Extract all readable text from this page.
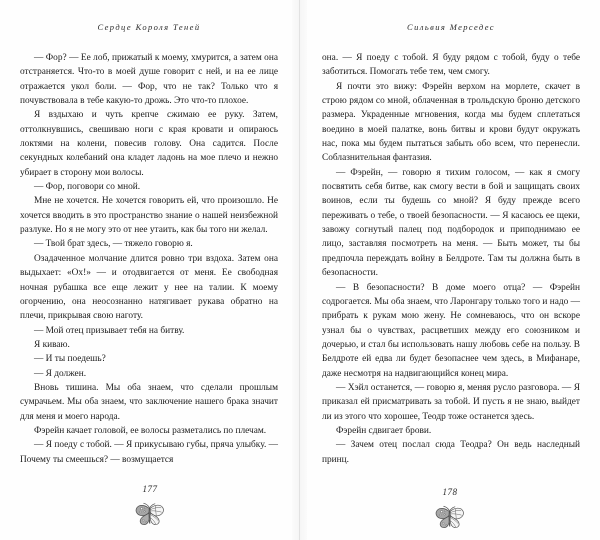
Сердце Короля Теней

— Фор? — Ее лоб, прижатый к моему, хмурится, а затем она отстраняется. Что-то в моей душе говорит с ней, и на ее лице отражается укол боли. — Фор, что не так? Только что я почувствовала в тебе какую-то дрожь. Это что-то плохое.

Я вздыхаю и чуть крепче сжимаю ее руку. Затем, оттолкнувшись, свешиваю ноги с края кровати и опираюсь локтями на колени, повесив голову. Она садится. После секундных колебаний она кладет ладонь на мое плечо и нежно убирает в сторону мои волосы.

— Фор, поговори со мной.

Мне не хочется. Не хочется говорить ей, что произошло. Не хочется вводить в это пространство знание о нашей неизбежной разлуке. Но я не могу это от нее утаить, как бы того ни желал.

— Твой брат здесь, — тяжело говорю я.

Озадаченное молчание длится ровно три вздоха. Затем она выдыхает: «Ох!» — и отодвигается от меня. Ее свободная ночная рубашка все еще лежит у нее на талии. К моему огорчению, она неосознанно натягивает рукава обратно на плечи, прикрывая свою наготу.

— Мой отец призывает тебя на битву.

Я киваю.

— И ты поедешь?

— Я должен.

Вновь тишина. Мы оба знаем, что сделали прошлым сумрачьем. Мы оба знаем, что заключение нашего брака значит для меня и моего народа.

Фэрейн качает головой, ее волосы разметались по плечам.

— Я поеду с тобой. — Я прикусываю губы, пряча улыбку. — Почему ты смеешься? — возмущается

177
Сильвия Мерседес

она. — Я поеду с тобой. Я буду рядом с тобой, буду о тебе заботиться. Помогать тебе тем, чем смогу.

Я почти это вижу: Фэрейн верхом на морлете, скачет в строю рядом со мной, облаченная в трольдскую броню детского размера. Украденные мгновения, когда мы будем сплетаться воедино в моей палатке, вонь битвы и крови будут окружать нас, пока мы будем пытаться забыть обо всем, что перенесли. Соблазнительная фантазия.

— Фэрейн, — говорю я тихим голосом, — как я смогу посвятить себя битве, как смогу вести в бой и защищать своих воинов, если ты будешь со мной? Я буду прежде всего переживать о тебе, о твоей безопасности. — Я касаюсь ее щеки, завожу согнутый палец под подбородок и приподнимаю ее лицо, заставляя посмотреть на меня. — Быть может, ты бы предпочла переждать войну в Белдроте. Там ты должна быть в безопасности.

— В безопасности? В доме моего отца? — Фэрейн содрогается. Мы оба знаем, что Ларонгару только того и надо — прибрать к рукам мою жену. Не сомневаюсь, что он вскоре узнал бы о чувствах, расцветших между его союзником и дочерью, и стал бы использовать нашу любовь себе на пользу. В Белдроте ей едва ли будет безопаснее чем здесь, в Мифанаре, даже несмотря на надвигающийся конец мира.

— Хэйл останется, — говорю я, меняя русло разговора. — Я приказал ей присматривать за тобой. И пусть я не знаю, выйдет ли из этого что хорошее, Теодр тоже останется здесь.

Фэрейн сдвигает брови.

— Зачем отец послал сюда Теодра? Он ведь наследный принц.

178
